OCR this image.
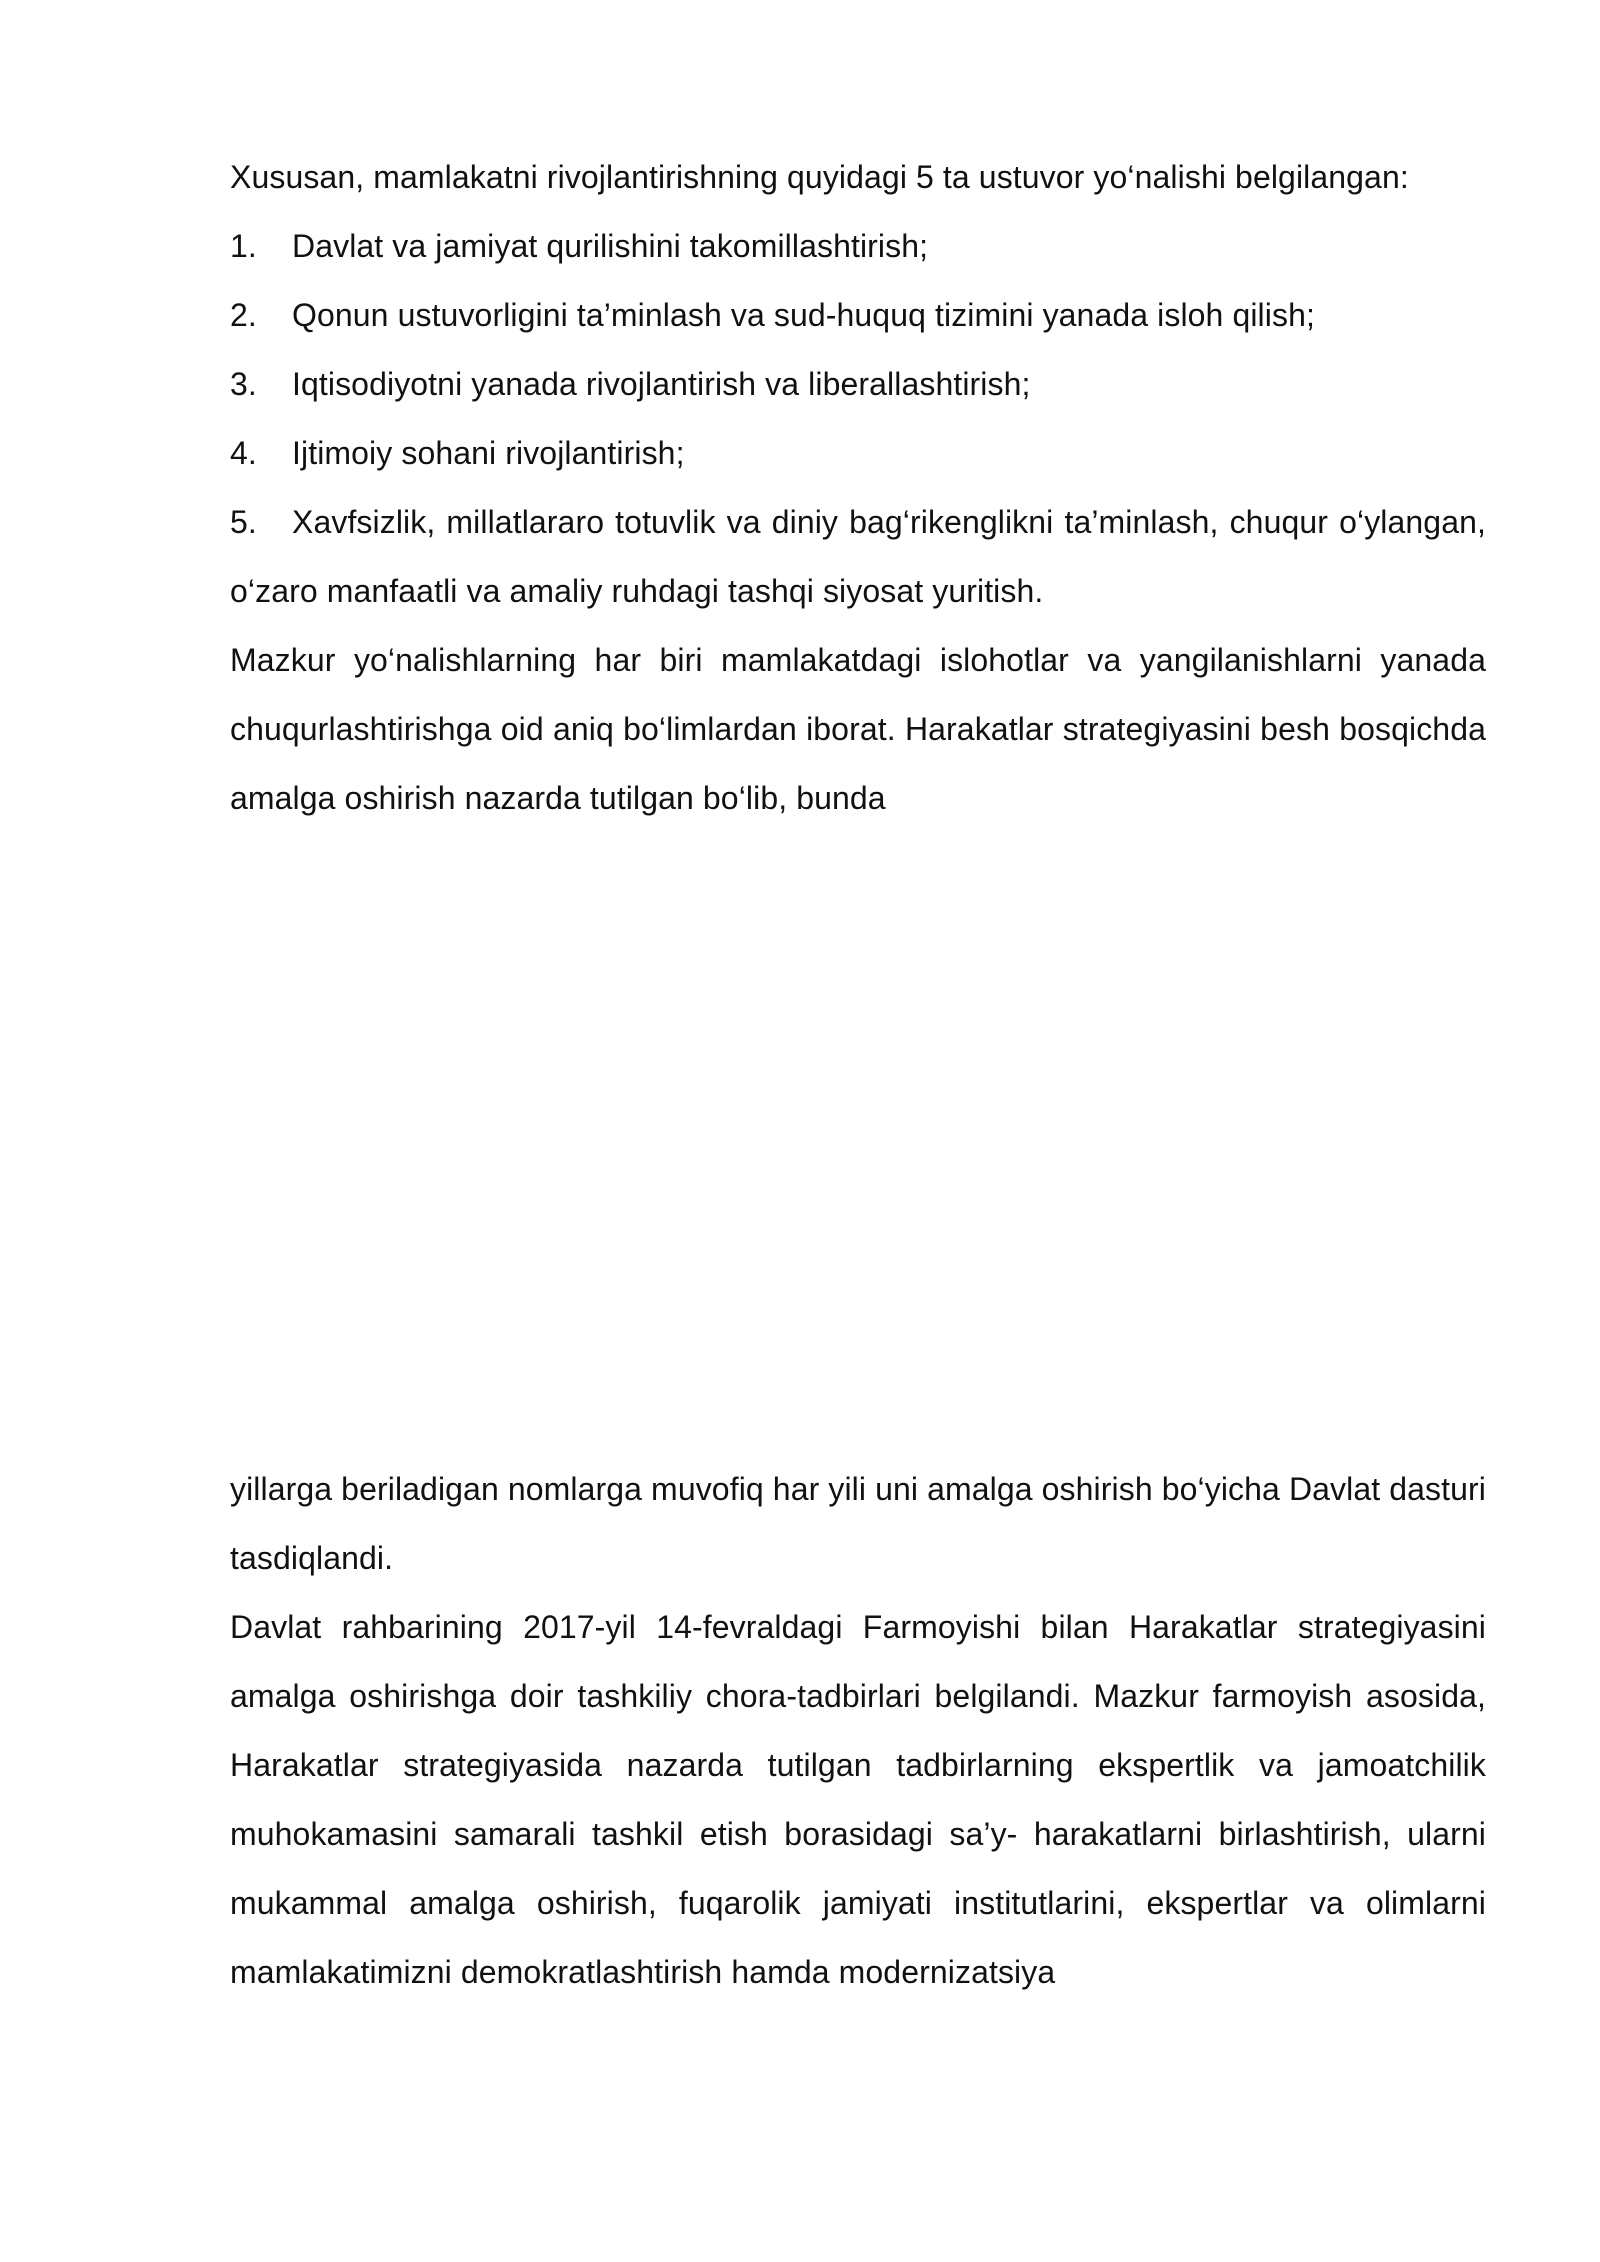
Xususan, mamlakatni rivojlantirishning quyidagi 5 ta ustuvor yo‘nalishi belgilangan:

1.	Davlat va jamiyat qurilishini takomillashtirish;
2.	Qonun ustuvorligini ta’minlash va sud-huquq tizimini yanada isloh qilish;
3.	Iqtisodiyotni yanada rivojlantirish va liberallashtirish;
4.	Ijtimoiy sohani rivojlantirish;

5. Xavfsizlik, millatlararo totuvlik va diniy bag‘rikenglikni ta’minlash, chuqur o‘ylangan, o‘zaro manfaatli va amaliy ruhdagi tashqi siyosat yuritish.

Mazkur yo‘nalishlarning har biri mamlakatdagi islohotlar va yangilanishlarni yanada chuqurlashtirishga oid aniq bo‘limlardan iborat. Harakatlar strategiyasini besh bosqichda amalga oshirish nazarda tutilgan bo‘lib, bunda

yillarga beriladigan nomlarga muvofiq har yili uni amalga oshirish bo‘yicha Davlat dasturi tasdiqlandi.

Davlat rahbarining 2017-yil 14-fevraldagi Farmoyishi bilan Harakatlar strategiyasini amalga oshirishga doir tashkiliy chora-tadbirlari belgilandi. Mazkur farmoyish asosida, Harakatlar strategiyasida nazarda tutilgan tadbirlarning ekspertlik va jamoatchilik muhokamasini samarali tashkil etish borasidagi sa’y- harakatlarni birlashtirish, ularni mukammal amalga oshirish, fuqarolik jamiyati institutlarini, ekspertlar va olimlarni mamlakatimizni demokratlashtirish hamda modernizatsiya
